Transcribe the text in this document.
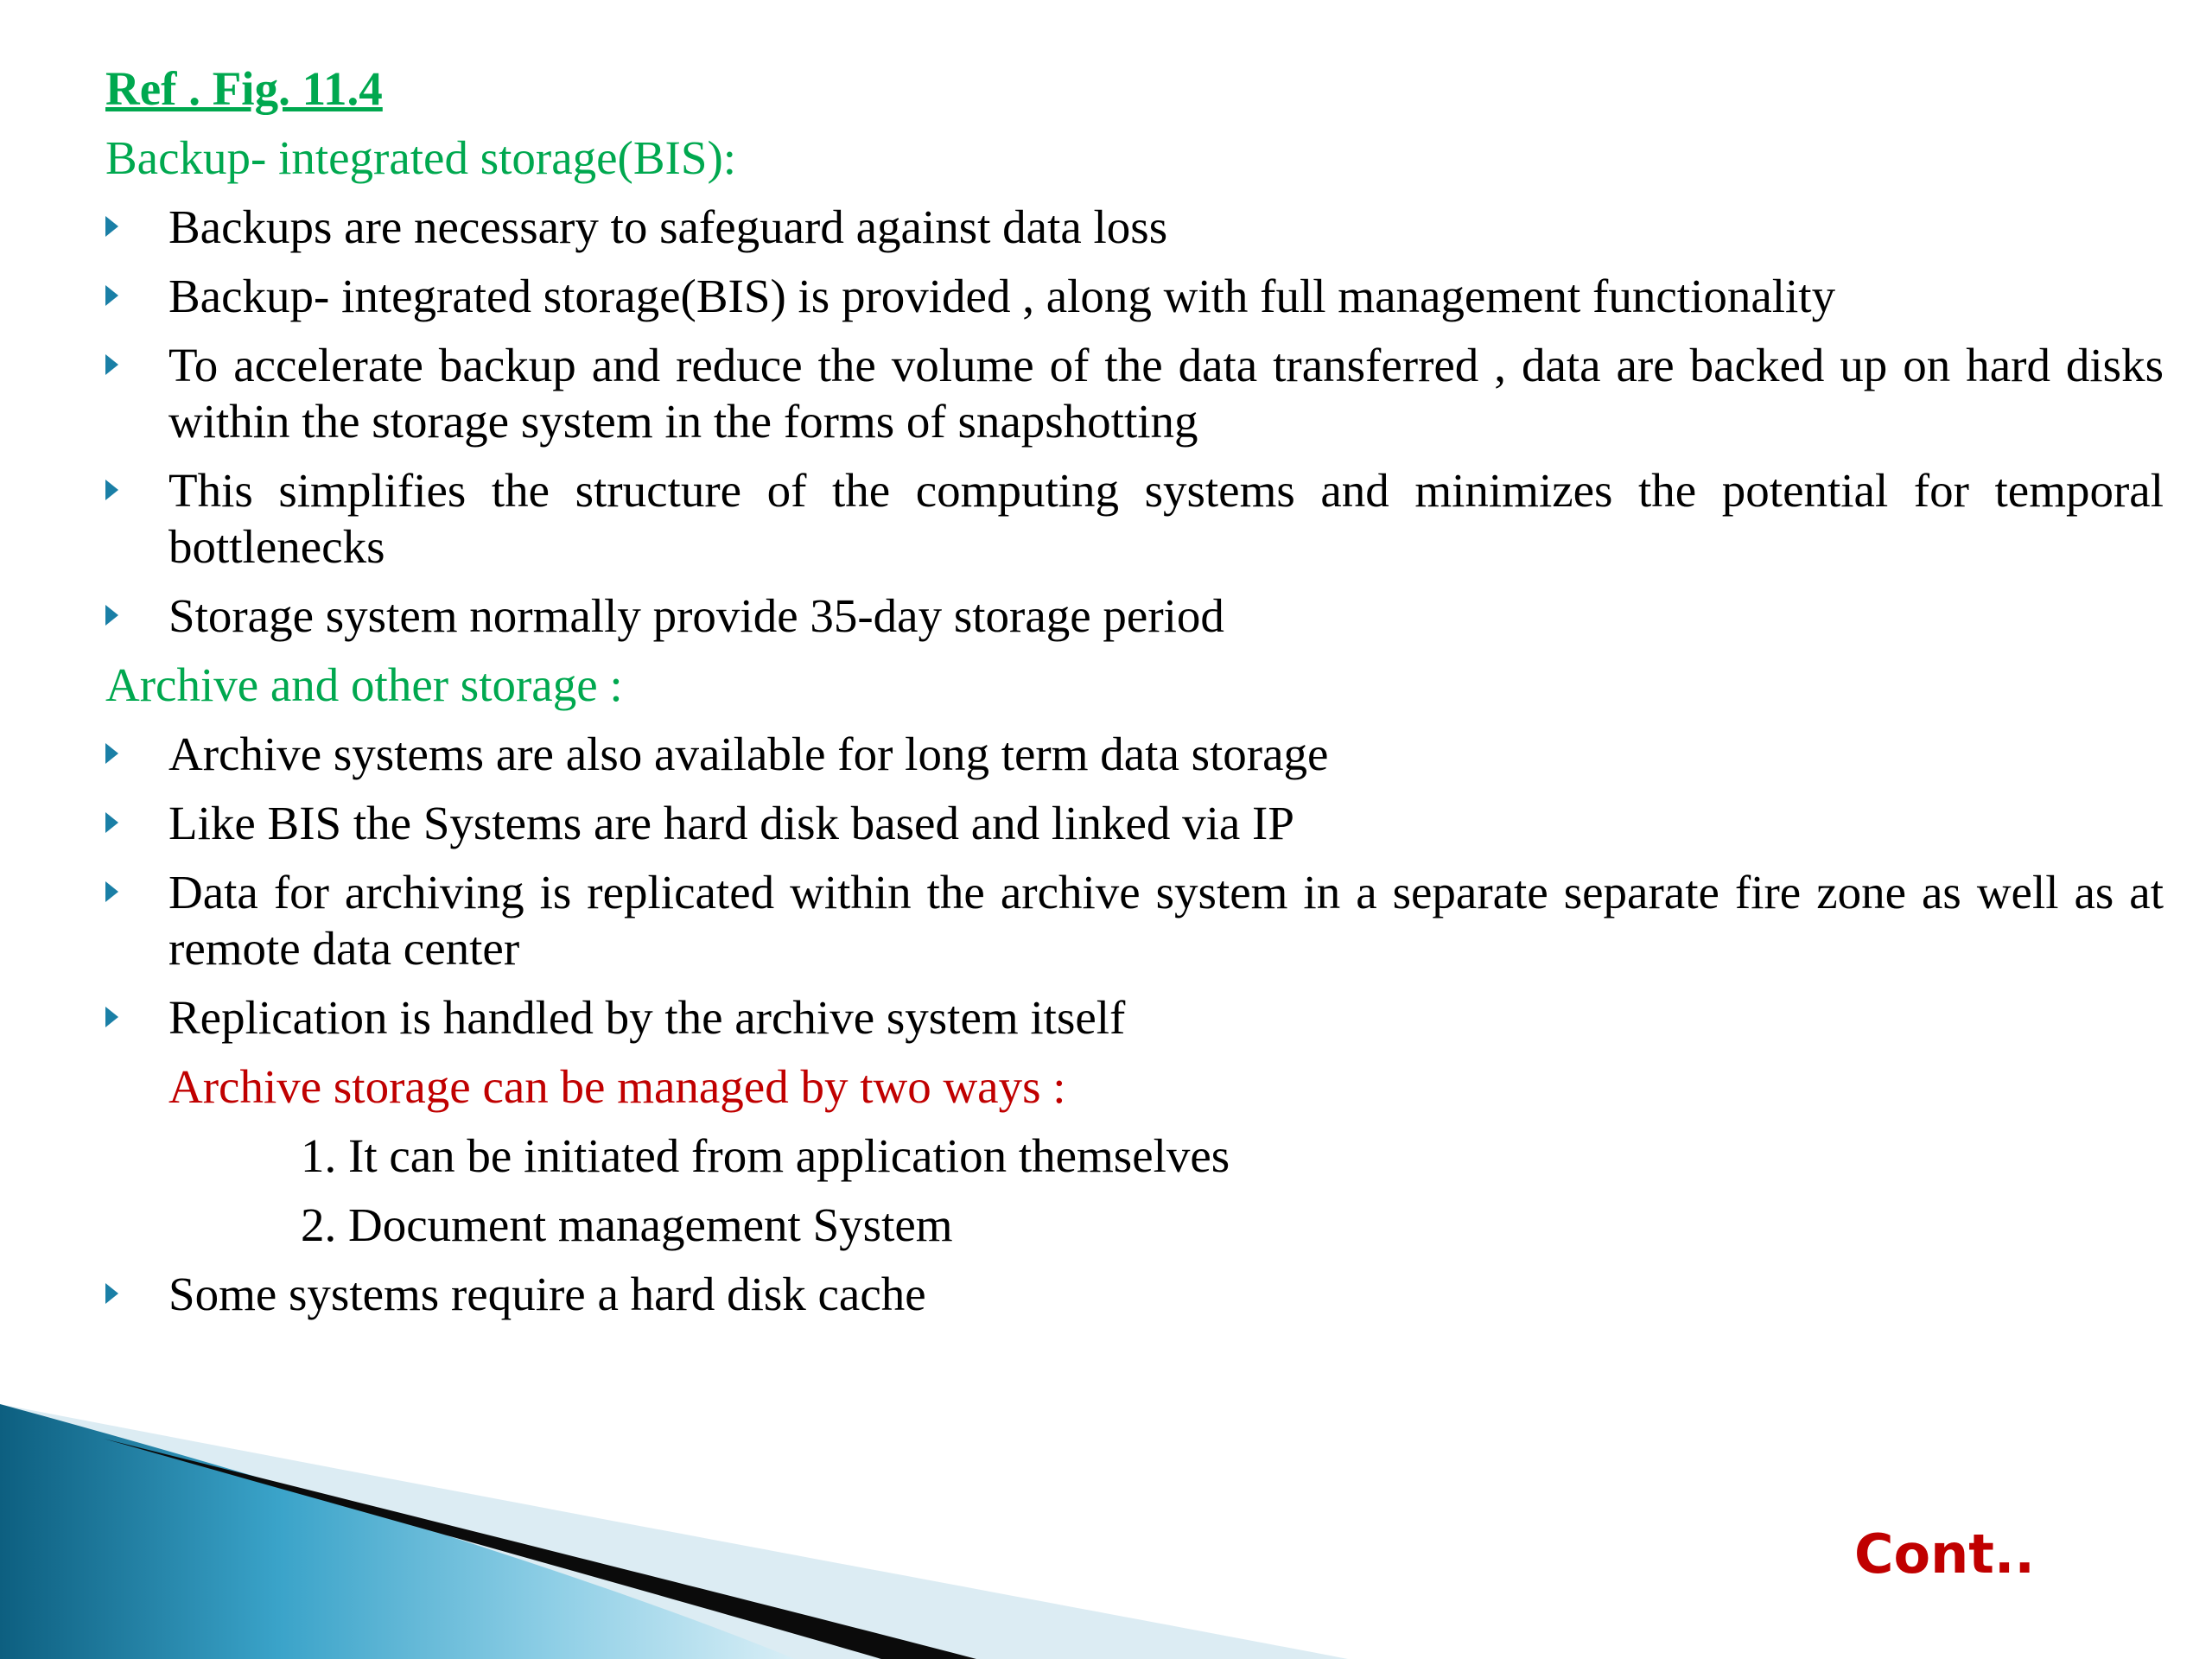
Ref . Fig. 11.4
Backup- integrated storage(BIS):
Backups are necessary to safeguard against data loss
Backup- integrated storage(BIS) is provided , along with full management functionality
To accelerate backup and reduce the volume of the data transferred , data are backed up on hard disks within the storage system in the forms of snapshotting
This simplifies the structure of the computing systems and minimizes the potential for temporal bottlenecks
Storage system normally provide 35-day storage period
Archive and other storage :
Archive systems are also available for long term data storage
Like BIS the Systems are hard disk based and linked via IP
Data for archiving is replicated within the archive system in a separate separate fire zone as well as at remote data center
Replication is handled by the archive system itself
Archive storage can be managed by two ways :
1. It can be initiated from application themselves
2. Document management System
Some systems require a hard disk cache
Cont..
